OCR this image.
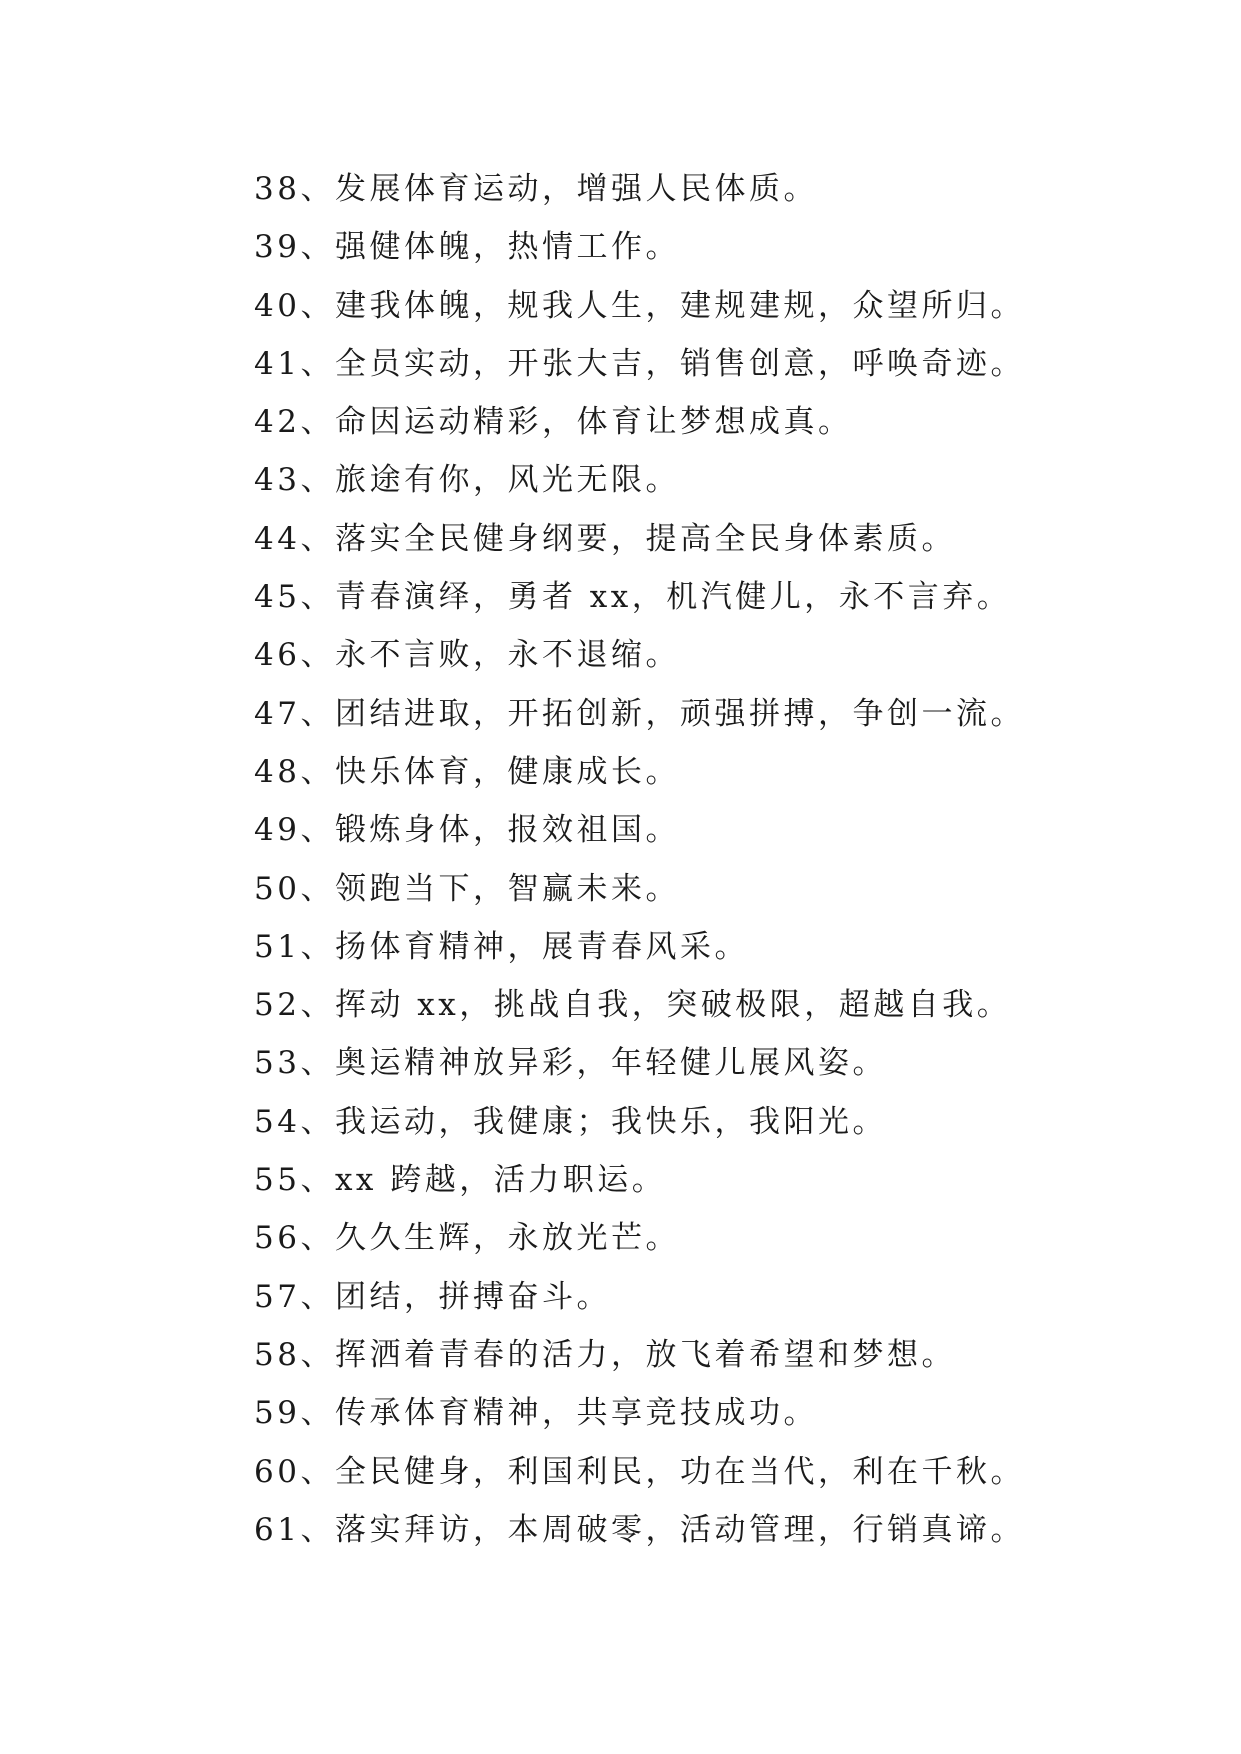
38、发展体育运动，增强人民体质。
39、强健体魄，热情工作。
40、建我体魄，规我人生，建规建规，众望所归。
41、全员实动，开张大吉，销售创意，呼唤奇迹。
42、命因运动精彩，体育让梦想成真。
43、旅途有你，风光无限。
44、落实全民健身纲要，提高全民身体素质。
45、青春演绎，勇者 xx，机汽健儿，永不言弃。
46、永不言败，永不退缩。
47、团结进取，开拓创新，顽强拼搏，争创一流。
48、快乐体育，健康成长。
49、锻炼身体，报效祖国。
50、领跑当下，智赢未来。
51、扬体育精神，展青春风采。
52、挥动 xx，挑战自我，突破极限，超越自我。
53、奥运精神放异彩，年轻健儿展风姿。
54、我运动，我健康；我快乐，我阳光。
55、xx 跨越，活力职运。
56、久久生辉，永放光芒。
57、团结，拼搏奋斗。
58、挥洒着青春的活力，放飞着希望和梦想。
59、传承体育精神，共享竞技成功。
60、全民健身，利国利民，功在当代，利在千秋。
61、落实拜访，本周破零，活动管理，行销真谛。
